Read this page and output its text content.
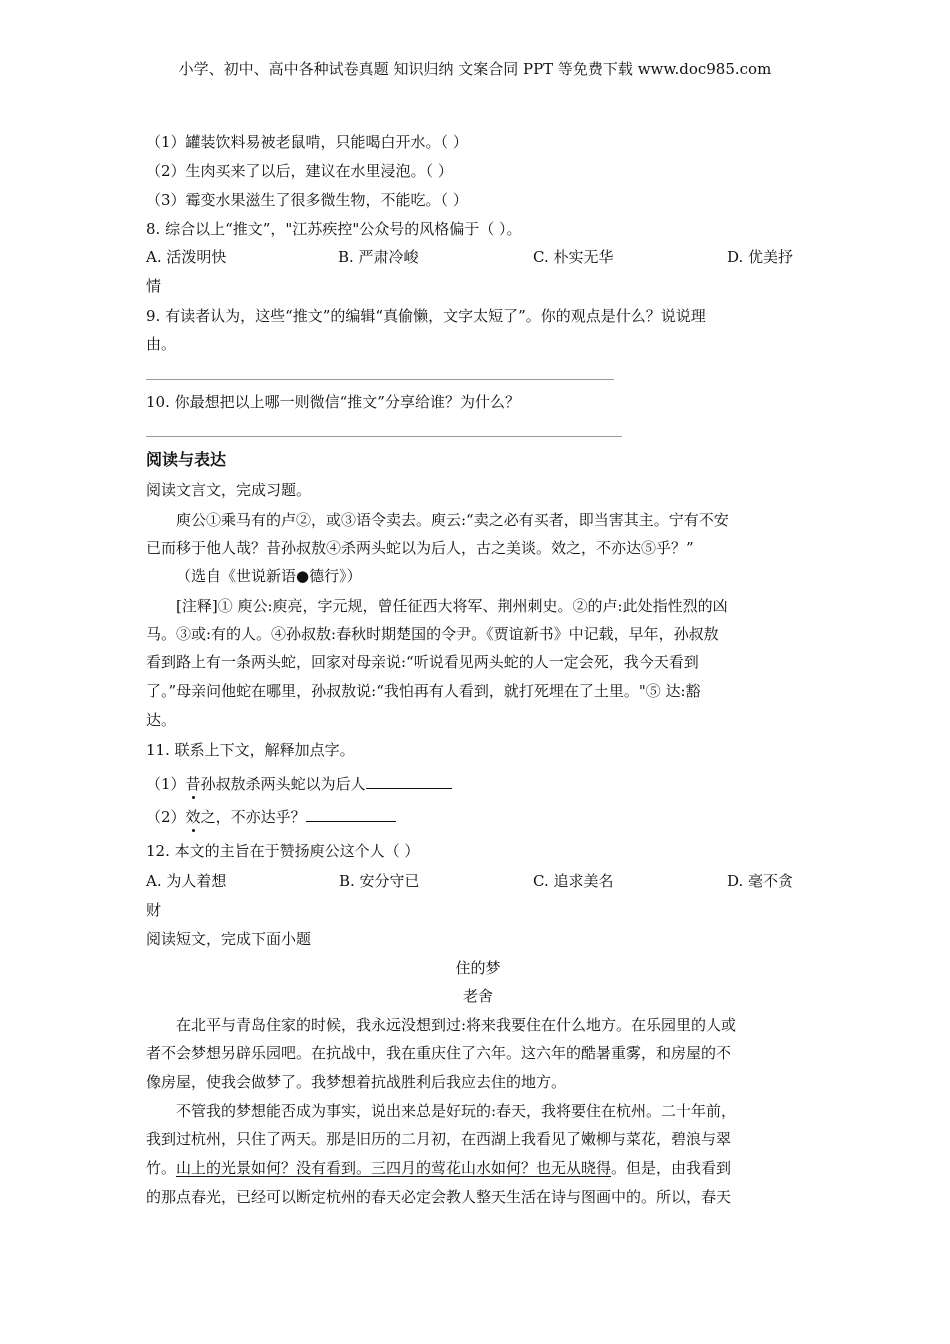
小学、初中、高中各种试卷真题 知识归纳 文案合同 PPT 等免费下载 www.doc985.com
（1）罐装饮料易被老鼠啃，只能喝白开水。（ ）
（2）生肉买来了以后，建议在水里浸泡。（ ）
（3）霉变水果滋生了很多微生物，不能吃。（ ）
8. 综合以上“推文”，"江苏疾控"公众号的风格偏于（ ）。
A. 活泼明快	B. 严肃冷峻	C. 朴实无华	D. 优美抒
情
9. 有读者认为，这些“推文”的编辑“真偷懒，文字太短了”。你的观点是什么？说说理
由。
10. 你最想把以上哪一则微信“推文”分享给谁？为什么？
阅读与表达
阅读文言文，完成习题。
庾公①乘马有的卢②，或③语令卖去。庾云:“卖之必有买者，即当害其主。宁有不安
已而移于他人哉？昔孙叔敖④杀两头蛇以为后人，古之美谈。效之，不亦达⑤乎？”
（选自《世说新语●德行》）
[注释]① 庾公:庾亮，字元规，曾任征西大将军、荆州刺史。②的卢:此处指性烈的凶
马。③或:有的人。④孙叔敖:春秋时期楚国的令尹。《贾谊新书》中记载，早年，孙叔敖
看到路上有一条两头蛇，回家对母亲说:“听说看见两头蛇的人一定会死，我今天看到
了。”母亲问他蛇在哪里，孙叔敖说:“我怕再有人看到，就打死埋在了土里。"⑤ 达:豁
达。
11. 联系上下文，解释加点字。
（1）昔孙叔敖杀两头蛇以为后人
（2）效之，不亦达乎？
12. 本文的主旨在于赞扬庾公这个人（ ）
A. 为人着想	B. 安分守已	C. 追求美名	D. 毫不贪
财
阅读短文，完成下面小题
住的梦
老舍
在北平与青岛住家的时候，我永远没想到过:将来我要住在什么地方。在乐园里的人或
者不会梦想另辟乐园吧。在抗战中，我在重庆住了六年。这六年的酷暑重雾，和房屋的不
像房屋，使我会做梦了。我梦想着抗战胜利后我应去住的地方。
不管我的梦想能否成为事实，说出来总是好玩的:春天，我将要住在杭州。二十年前，
我到过杭州，只住了两天。那是旧历的二月初，在西湖上我看见了嫩柳与菜花，碧浪与翠
竹。山上的光景如何？没有看到。三四月的莺花山水如何？也无从晓得。但是，由我看到
的那点春光，已经可以断定杭州的春天必定会教人整天生活在诗与图画中的。所以，春天
